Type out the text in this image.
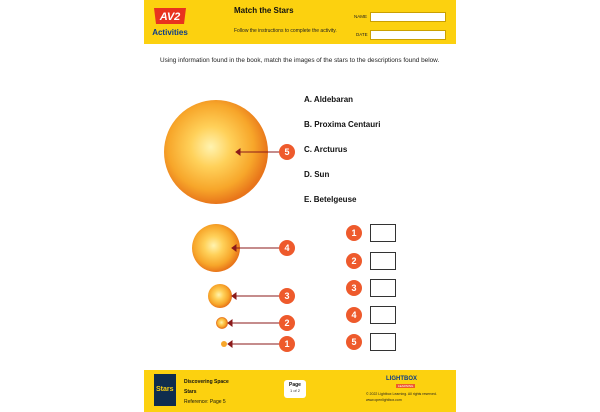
AV2
Activities
Match the Stars
Follow the instructions to complete the activity.
NAME
DATE
Using information found in the book, match the images of the stars to the descriptions found below.
A. Aldebaran
B. Proxima Centauri
C. Arcturus
D. Sun
E. Betelgeuse
5
4
3
2
1
1
2
3
4
5
Stars
Discovering Space
Stars
Reference: Page 5
Page
1 of 2
LIGHTBOX
LEARNING
© 2022 Lightbox Learning. All rights reserved.
www.openlightbox.com
